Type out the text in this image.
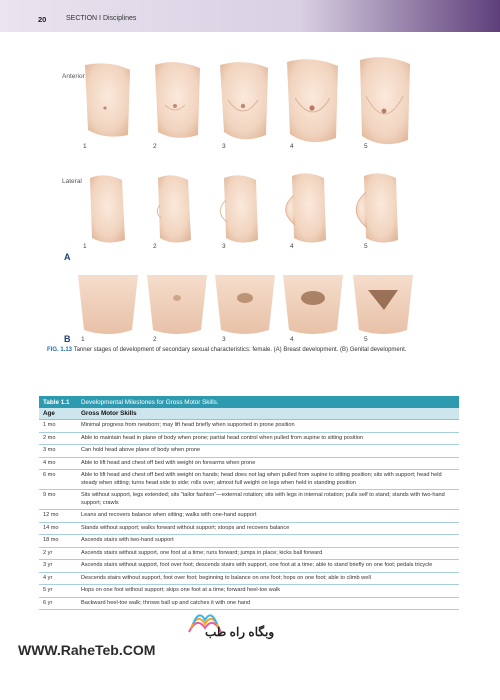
20	SECTION I Disciplines
Anterior
Lateral
1	2	3	4	5
1	2	3	4	5
A
B 1	2	3	4	5
FIG. 1.13 Tanner stages of development of secondary sexual characteristics: female. (A) Breast development. (B) Genital development.
Table 1.1	Developmental Milestones for Gross Motor Skills.
Age	Gross Motor Skills
1 mo	Minimal progress from newborn; may lift head briefly when supported in prone position
2 mo	Able to maintain head in plane of body when prone; partial head control when pulled from supine to sitting position
3 mo	Can hold head above plane of body when prone
4 mo	Able to lift head and chest off bed with weight on forearms when prone
6 mo	Able to lift head and chest off bed with weight on hands; head does not lag when pulled from supine to sitting position; sits with support; head held steady when sitting; turns head side to side; rolls over; almost full weight on legs when held in standing position
9 mo	Sits without support, legs extended; sits “tailor fashion”—external rotation; sits with legs in internal rotation; pulls self to stand; stands with two-hand support; crawls
12 mo	Leans and recovers balance when sitting; walks with one-hand support
14 mo	Stands without support; walks forward without support; stoops and recovers balance
18 mo	Ascends stairs with two-hand support
2 yr	Ascends stairs without support, one foot at a time; runs forward; jumps in place; kicks ball forward
3 yr	Ascends stairs without support, foot over foot; descends stairs with support, one foot at a time; able to stand briefly on one foot; pedals tricycle
4 yr	Descends stairs without support, foot over foot; beginning to balance on one foot; hops on one foot; able to climb well
5 yr	Hops on one foot without support; skips one foot at a time; forward heel-toe walk
6 yr	Backward heel-toe walk; throws ball up and catches it with one hand
وبگاه راه طب
WWW.RaheTeb.COM
